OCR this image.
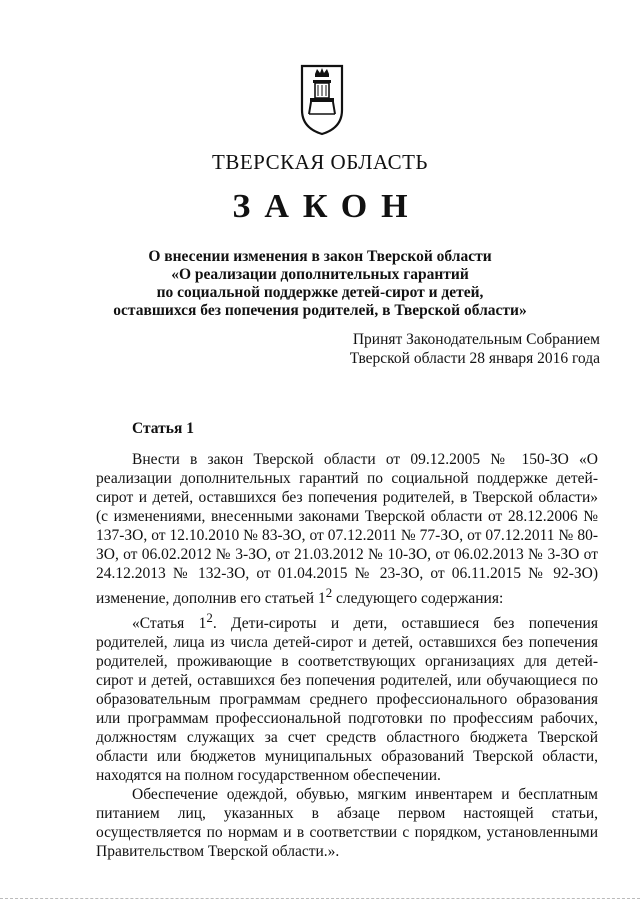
ТВЕРСКАЯ ОБЛАСТЬ
ЗАКОН
О внесении изменения в закон Тверской области
«О реализации дополнительных гарантий
по социальной поддержке детей-сирот и детей,
оставшихся без попечения родителей, в Тверской области»
Принят Законодательным Собранием
Тверской области 28 января 2016 года
Статья 1

Внести в закон Тверской области от 09.12.2005 № 150-ЗО «О реализации дополнительных гарантий по социальной поддержке детей-сирот и детей, оставшихся без попечения родителей, в Тверской области» (с изменениями, внесенными законами Тверской области от 28.12.2006 № 137-ЗО, от 12.10.2010 № 83-ЗО, от 07.12.2011 № 77-ЗО, от 07.12.2011 № 80-ЗО, от 06.02.2012 № 3-ЗО, от 21.03.2012 № 10-ЗО, от 06.02.2013 № 3-ЗО от 24.12.2013 № 132-ЗО, от 01.04.2015 № 23-ЗО, от 06.11.2015 № 92-ЗО) изменение, дополнив его статьей $1^2$ следующего содержания:

«Статья $1^2$. Дети-сироты и дети, оставшиеся без попечения родителей, лица из числа детей-сирот и детей, оставшихся без попечения родителей, проживающие в соответствующих организациях для детей-сирот и детей, оставшихся без попечения родителей, или обучающиеся по образовательным программам среднего профессионального образования или программам профессиональной подготовки по профессиям рабочих, должностям служащих за счет средств областного бюджета Тверской области или бюджетов муниципальных образований Тверской области, находятся на полном государственном обеспечении.

Обеспечение одеждой, обувью, мягким инвентарем и бесплатным питанием лиц, указанных в абзаце первом настоящей статьи, осуществляется по нормам и в соответствии с порядком, установленными Правительством Тверской области.».
